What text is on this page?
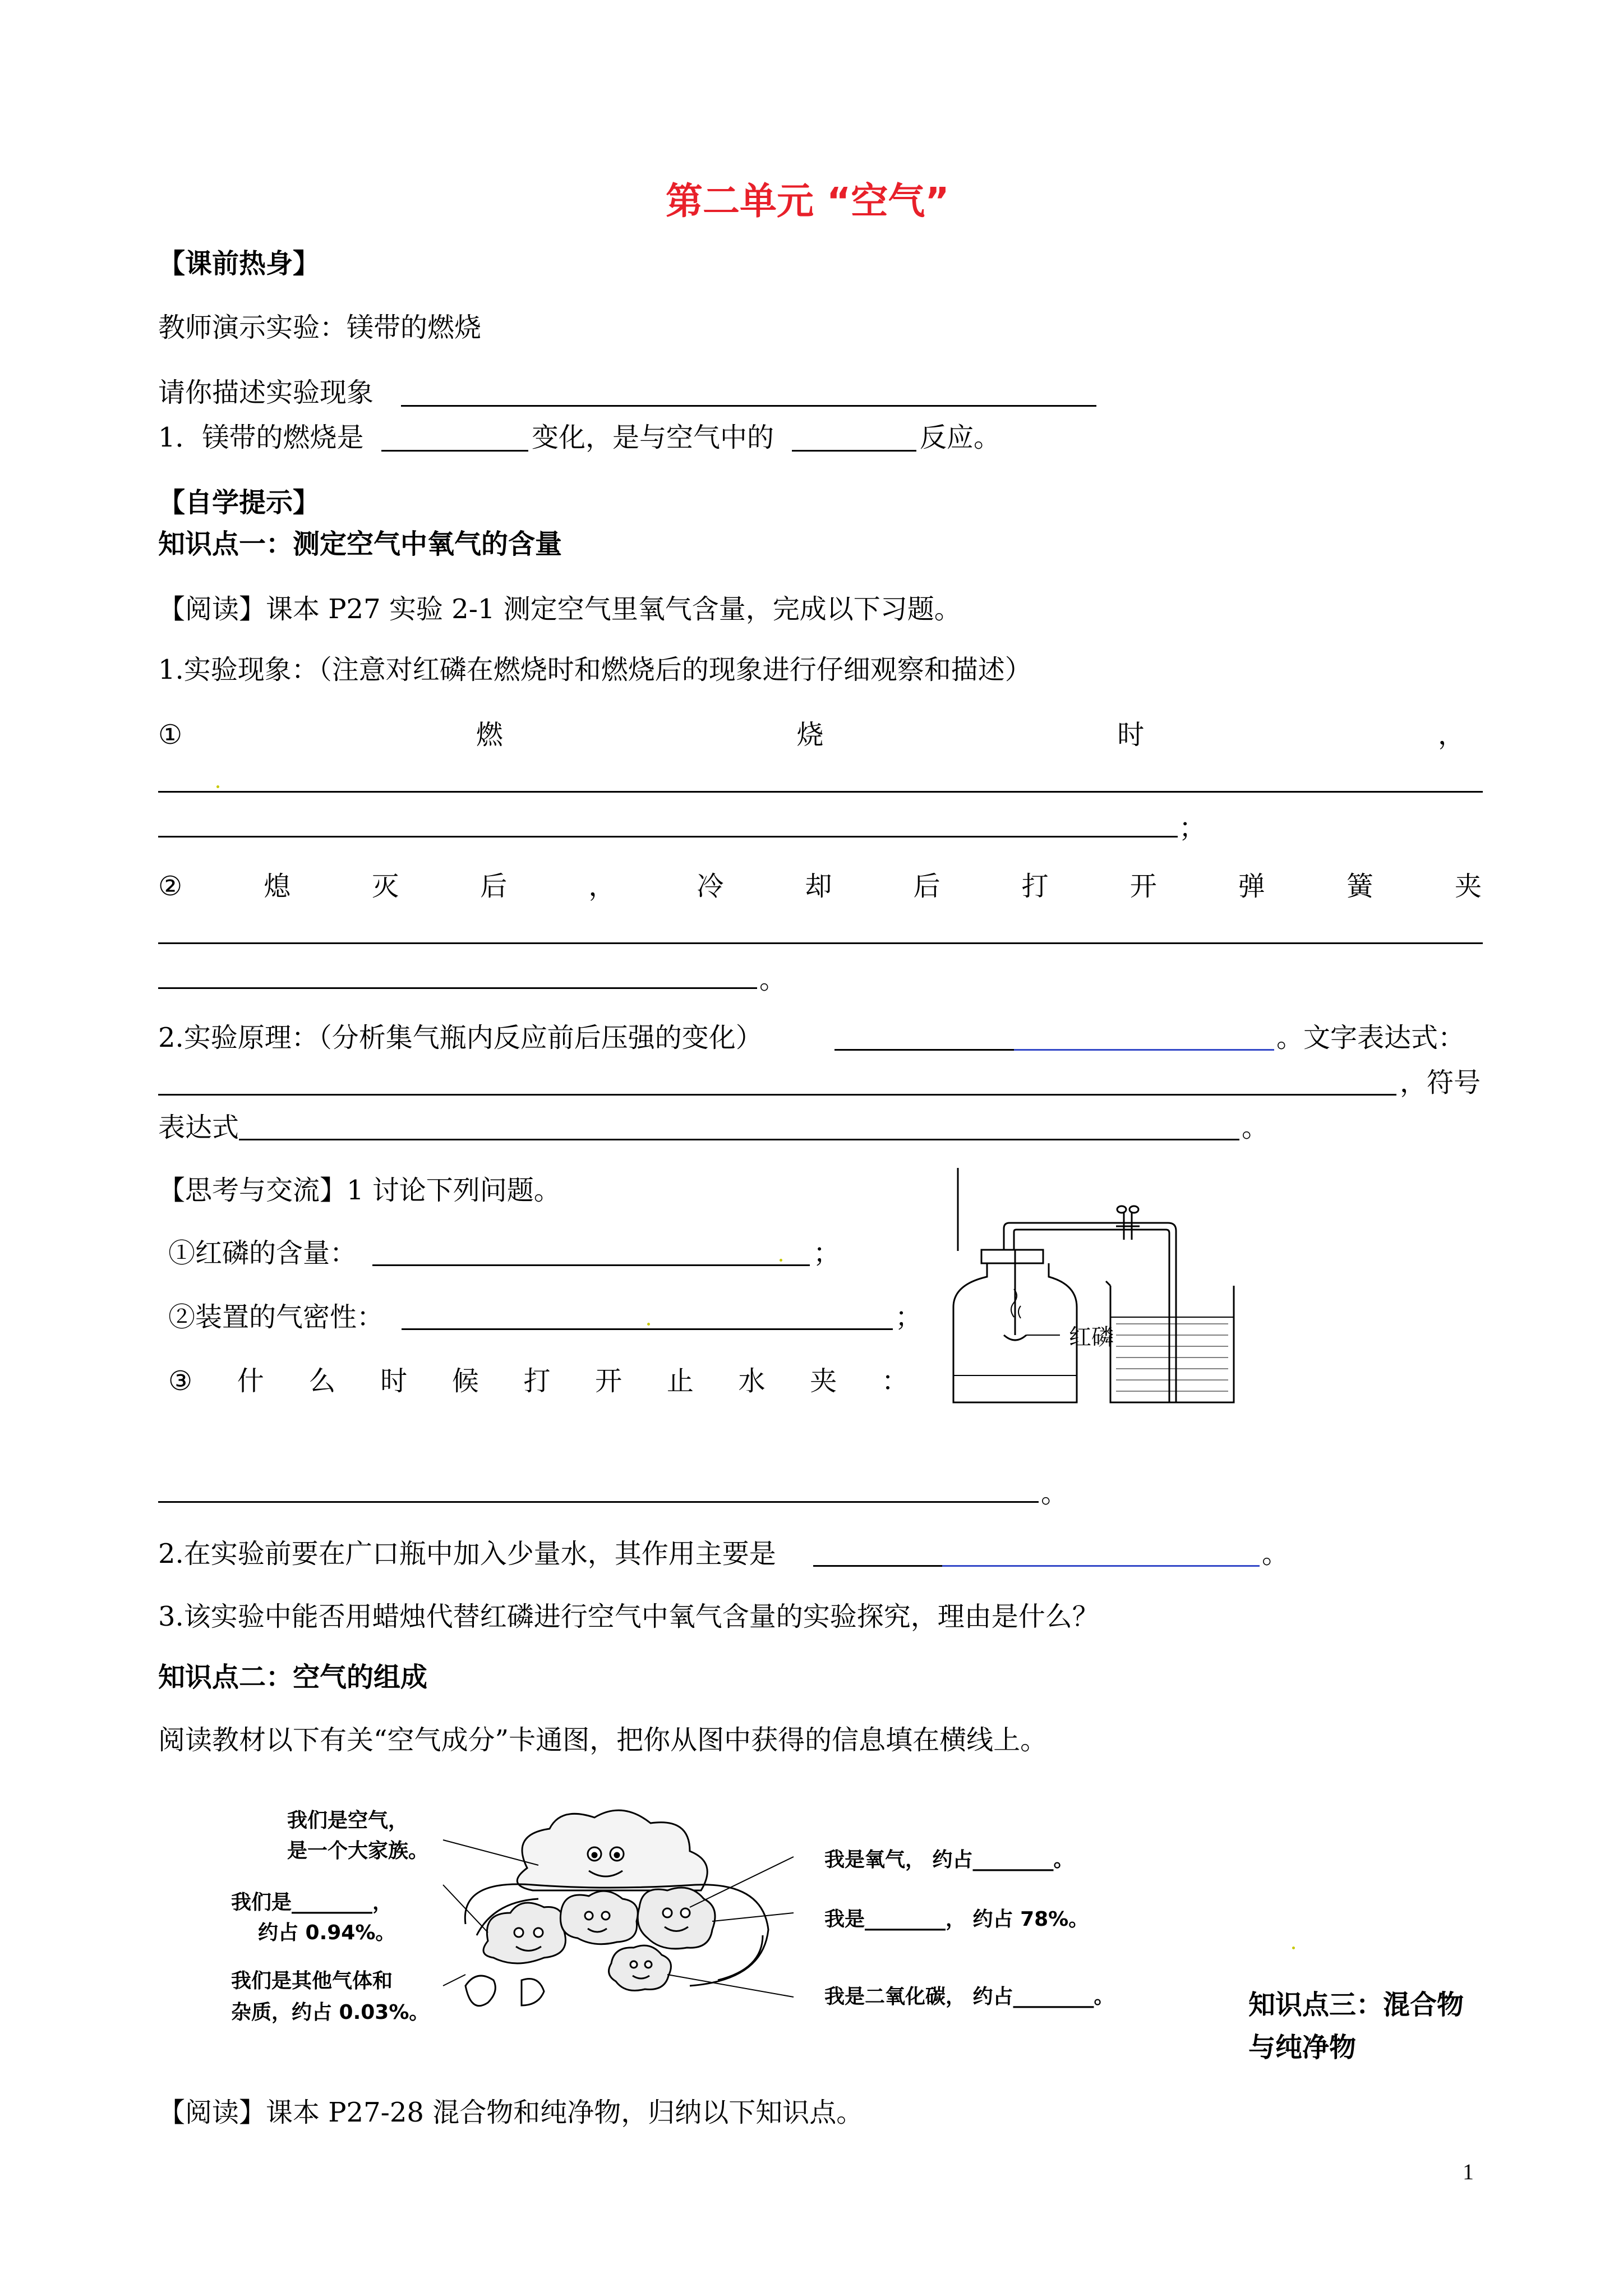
第二单元 “空气”
【课前热身】
教师演示实验：镁带的燃烧
请你描述实验现象
1．镁带的燃烧是	变化，是与空气中的	反应。
【自学提示】
知识点一：测定空气中氧气的含量
【阅读】课本 P27 实验 2-1 测定空气里氧气含量，完成以下习题。
1.实验现象：（注意对红磷在燃烧时和燃烧后的现象进行仔细观察和描述）
①	燃	烧	时	，
；
②	熄	灭	后	，	冷	却	后	打	开	弹	簧	夹
。
2.实验原理：（分析集气瓶内反应前后压强的变化）	。文字表达式：
，符号
表达式	。
【思考与交流】1 讨论下列问题。
①红磷的含量：	；
②装置的气密性：	；
③ 什 么 时 候 打 开 止 水 夹 ：
。
红磷
2.在实验前要在广口瓶中加入少量水，其作用主要是	。
3.该实验中能否用蜡烛代替红磷进行空气中氧气含量的实验探究，理由是什么？
知识点二：空气的组成
阅读教材以下有关“空气成分”卡通图，把你从图中获得的信息填在横线上。
我们是空气，
是一个大家族。
我们是________，
约占 0.94%。
我们是其他气体和
杂质，约占 0.03%。
我是氧气， 约占________。
我是________， 约占 78%。
我是二氧化碳， 约占________。	知识点三：混合物
与纯净物
【阅读】课本 P27-28 混合物和纯净物，归纳以下知识点。
1
